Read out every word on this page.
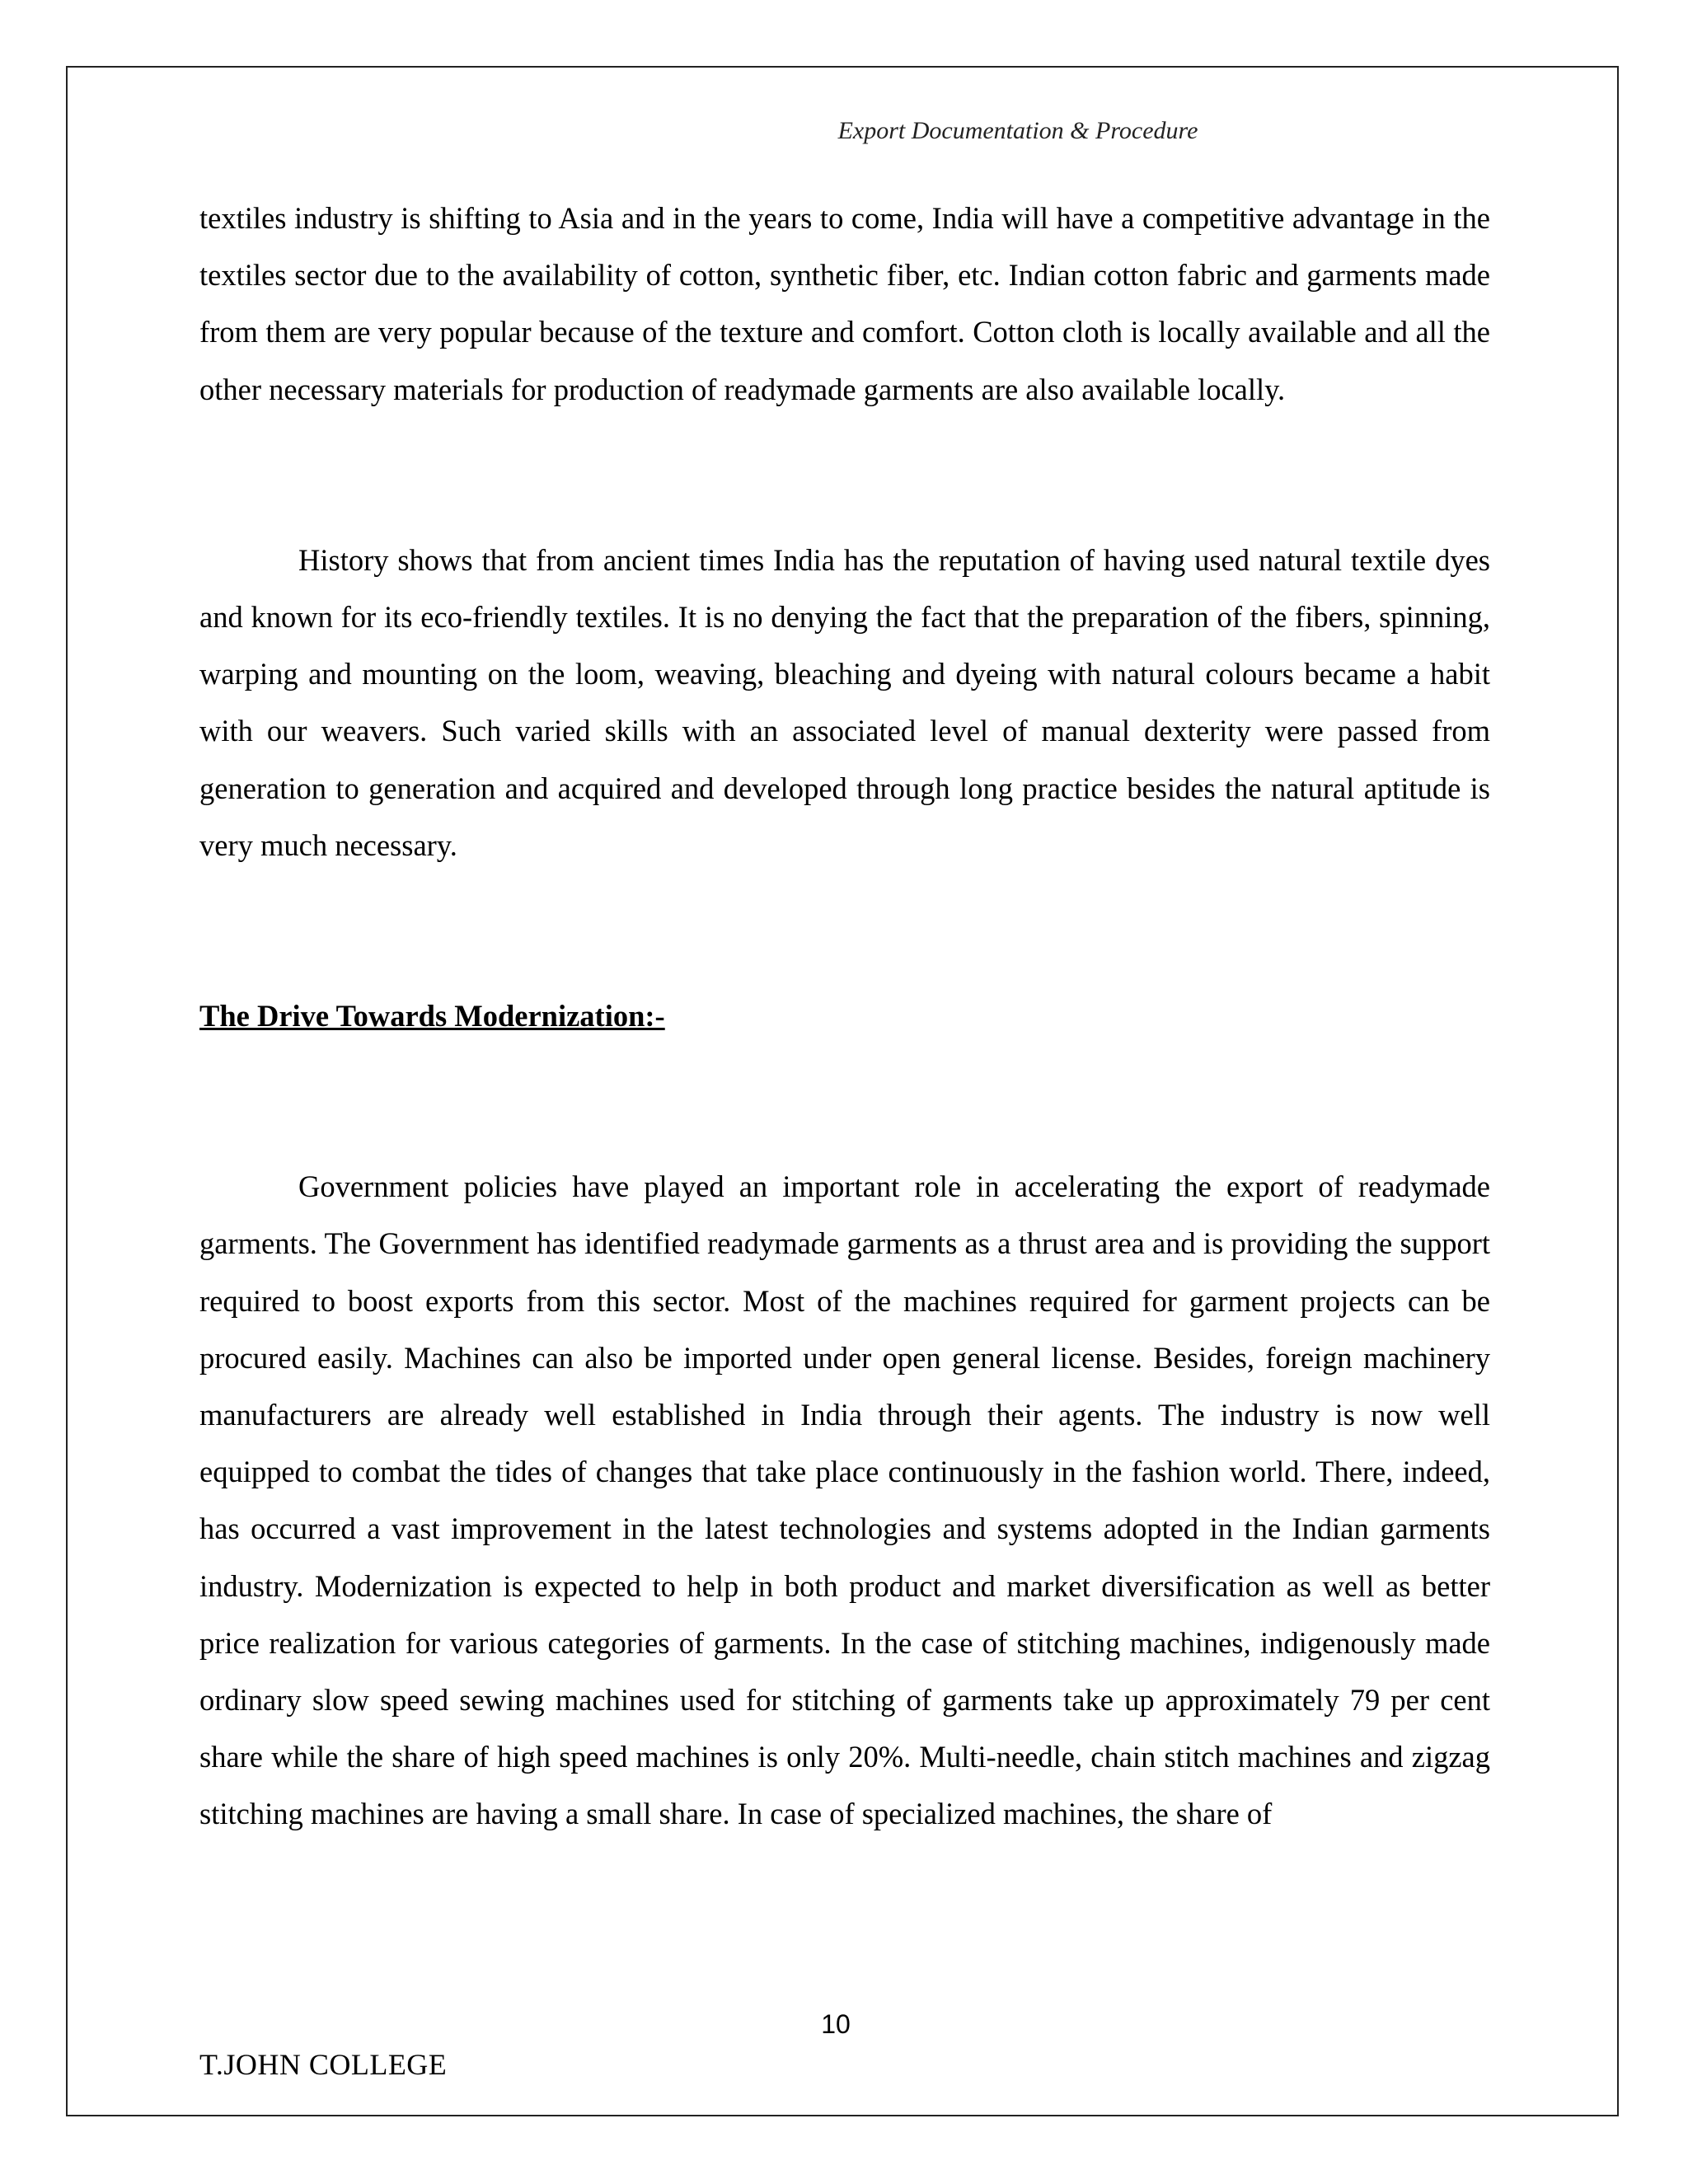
Export Documentation & Procedure

textiles industry is shifting to Asia and in the years to come, India will have a competitive advantage in the textiles sector due to the availability of cotton, synthetic fiber, etc. Indian cotton fabric and garments made from them are very popular because of the texture and comfort. Cotton cloth is locally available and all the other necessary materials for production of readymade garments are also available locally.

History shows that from ancient times India has the reputation of having used natural textile dyes and known for its eco-friendly textiles. It is no denying the fact that the preparation of the fibers, spinning, warping and mounting on the loom, weaving, bleaching and dyeing with natural colours became a habit with our weavers. Such varied skills with an associated level of manual dexterity were passed from generation to generation and acquired and developed through long practice besides the natural aptitude is very much necessary.

The Drive Towards Modernization:-

Government policies have played an important role in accelerating the export of readymade garments. The Government has identified readymade garments as a thrust area and is providing the support required to boost exports from this sector. Most of the machines required for garment projects can be procured easily. Machines can also be imported under open general license. Besides, foreign machinery manufacturers are already well established in India through their agents. The industry is now well equipped to combat the tides of changes that take place continuously in the fashion world. There, indeed, has occurred a vast improvement in the latest technologies and systems adopted in the Indian garments industry. Modernization is expected to help in both product and market diversification as well as better price realization for various categories of garments. In the case of stitching machines, indigenously made ordinary slow speed sewing machines used for stitching of garments take up approximately 79 per cent share while the share of high speed machines is only 20%. Multi-needle, chain stitch machines and zigzag stitching machines are having a small share. In case of specialized machines, the share of

10
T.JOHN COLLEGE
